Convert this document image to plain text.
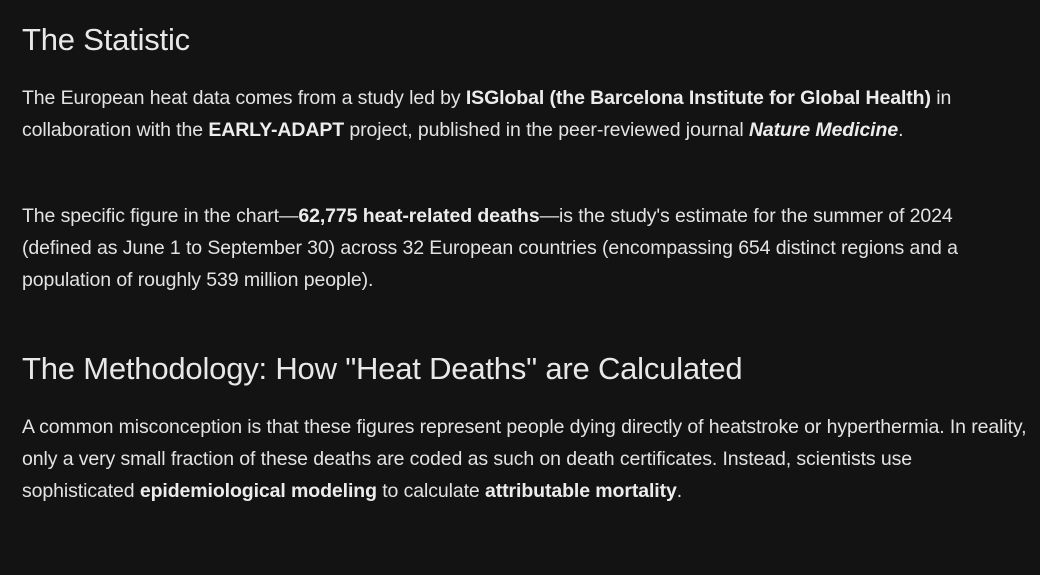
The Statistic

The European heat data comes from a study led by ISGlobal (the Barcelona Institute for Global Health) in collaboration with the EARLY-ADAPT project, published in the peer-reviewed journal Nature Medicine.

The specific figure in the chart—62,775 heat-related deaths—is the study's estimate for the summer of 2024 (defined as June 1 to September 30) across 32 European countries (encompassing 654 distinct regions and a population of roughly 539 million people).

The Methodology: How "Heat Deaths" are Calculated

A common misconception is that these figures represent people dying directly of heatstroke or hyperthermia. In reality, only a very small fraction of these deaths are coded as such on death certificates. Instead, scientists use sophisticated epidemiological modeling to calculate attributable mortality.
